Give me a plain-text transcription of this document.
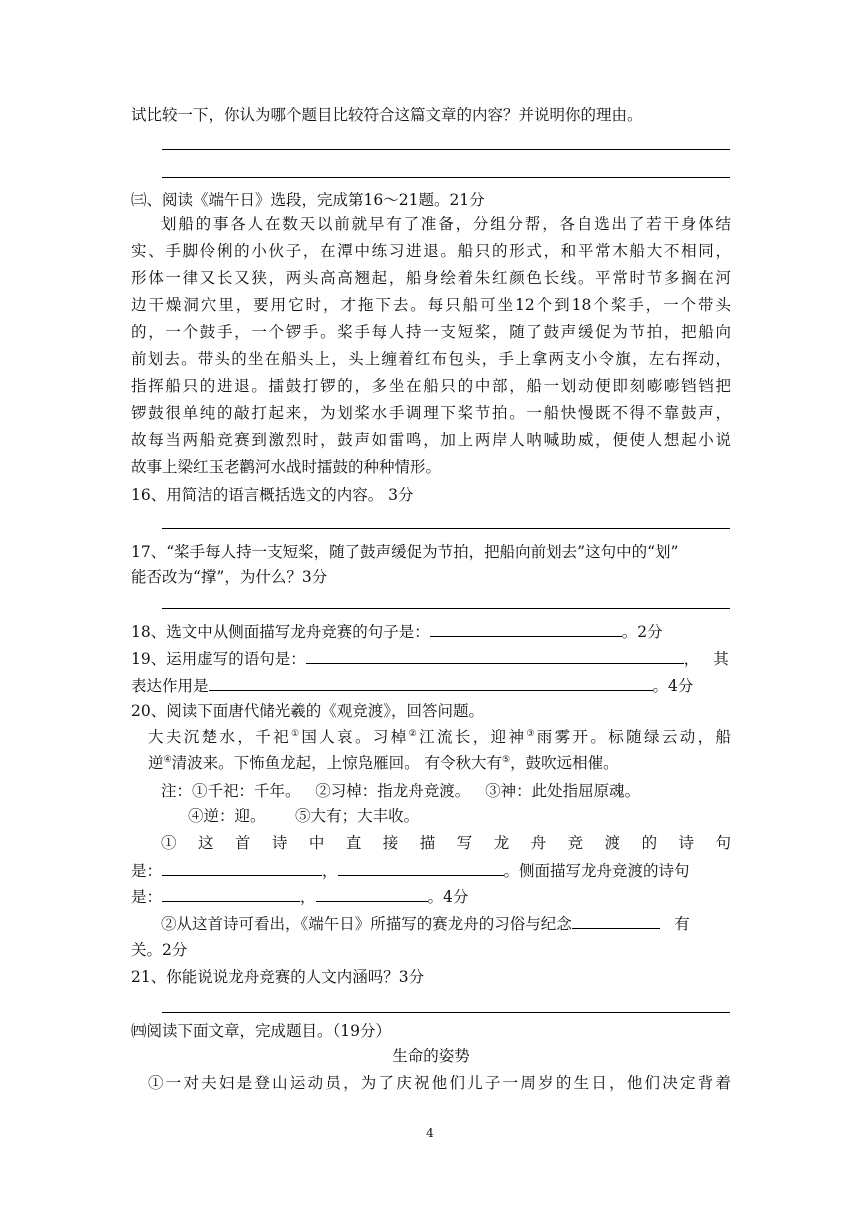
试比较一下，你认为哪个题目比较符合这篇文章的内容？并说明你的理由。
㈢、阅读《端午日》选段，完成第16～21题。21分
划船的事各人在数天以前就早有了准备，分组分帮，各自选出了若干身体结
实、手脚伶俐的小伙子，在潭中练习进退。船只的形式，和平常木船大不相同，
形体一律又长又狭，两头高高翘起，船身绘着朱红颜色长线。平常时节多搁在河
边干燥洞穴里，要用它时，才拖下去。每只船可坐12个到18个桨手，一个带头
的，一个鼓手，一个锣手。桨手每人持一支短桨，随了鼓声缓促为节拍，把船向
前划去。带头的坐在船头上，头上缠着红布包头，手上拿两支小令旗，左右挥动，
指挥船只的进退。擂鼓打锣的，多坐在船只的中部，船一划动便即刻嘭嘭铛铛把
锣鼓很单纯的敲打起来，为划桨水手调理下桨节拍。一船快慢既不得不靠鼓声，
故每当两船竞赛到激烈时，鼓声如雷鸣，加上两岸人呐喊助威，便使人想起小说
故事上梁红玉老鹳河水战时擂鼓的种种情形。
16、用简洁的语言概括选文的内容。 3分
17、“桨手每人持一支短桨，随了鼓声缓促为节拍，把船向前划去”这句中的“划”
能否改为“撑”，为什么？3分
18、选文中从侧面描写龙舟竞赛的句子是：	。2分
19、运用虚写的语句是：	，其
表达作用是	。4分
20、阅读下面唐代储光羲的《观竞渡》，回答问题。
大夫沉楚水，千祀①国人哀。习棹②江流长，迎神③雨雾开。标随绿云动，船
逆④清波来。下怖鱼龙起，上惊凫雁回。 有令秋大有⑤，鼓吹远相催。
注：①千祀：千年。   ②习棹：指龙舟竞渡。   ③神：此处指屈原魂。
④逆：迎。      ⑤大有；大丰收。
① 这 首 诗 中 直 接 描 写 龙 舟 竞 渡 的 诗 句
是：	，	。侧面描写龙舟竞渡的诗句
是：	，	。4分
②从这首诗可看出，《端午日》所描写的赛龙舟的习俗与纪念	有
关。2分
21、你能说说龙舟竞赛的人文内涵吗？3分
㈣阅读下面文章，完成题目。（19分）
生命的姿势
①一对夫妇是登山运动员，为了庆祝他们儿子一周岁的生日，他们决定背着
4
